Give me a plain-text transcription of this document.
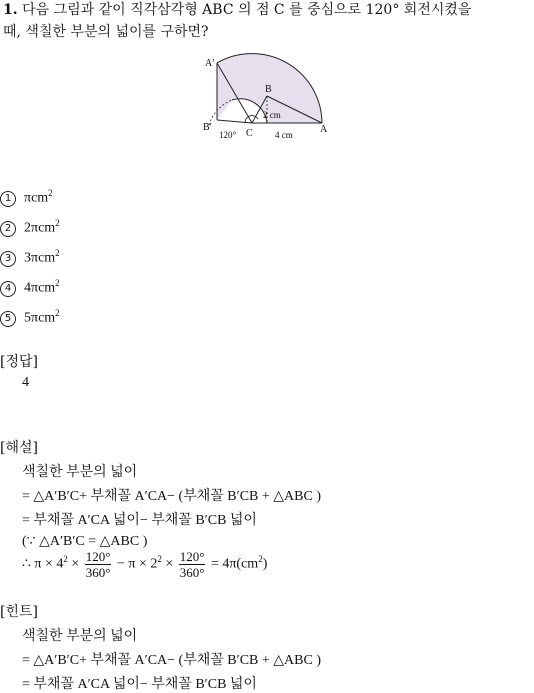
1. 다음 그림과 같이 직각삼각형 ABC 의 점 C 를 중심으로 120° 회전시켰을
때, 색칠한 부분의 넓이를 구하면?
A′
B
B′
C	A
120°
2 cm
4 cm
1 πcm$^2$
2 2πcm$^2$
3 3πcm$^2$
4 4πcm$^2$
5 5πcm$^2$
[정답]
4
[해설]
색칠한 부분의 넓이
= △A′B′C+ 부채꼴 A′CA− (부채꼴 B′CB + △ABC )
= 부채꼴 A′CA 넓이− 부채꼴 B′CB 넓이
(∵ △A′B′C = △ABC )
∴ $\pi \times 4^2 \times \frac{120^\circ}{360^\circ} - \pi \times 2^2 \times \frac{120^\circ}{360^\circ} = 4\pi(cm^2)$
[힌트]
색칠한 부분의 넓이
= △A′B′C+ 부채꼴 A′CA− (부채꼴 B′CB + △ABC )
= 부채꼴 A′CA 넓이− 부채꼴 B′CB 넓이
